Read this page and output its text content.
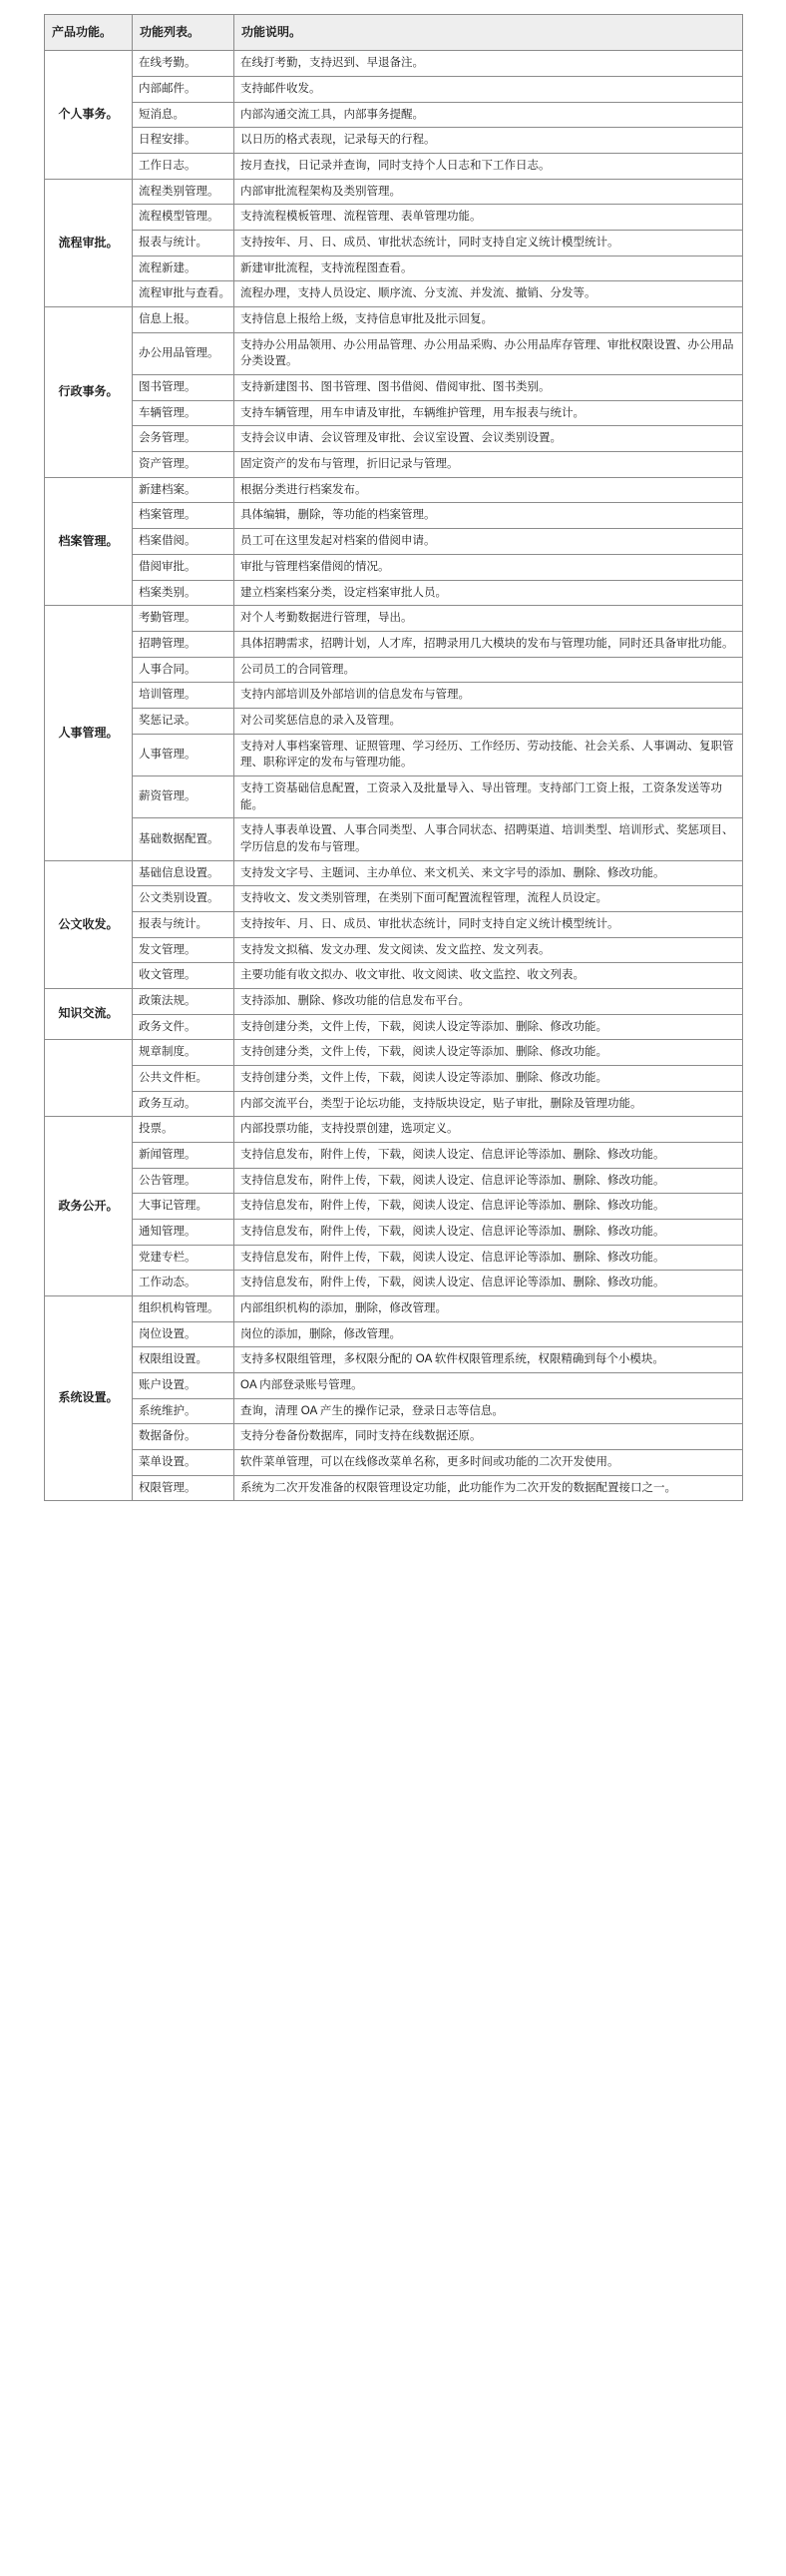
产品功能。	功能列表。	功能说明。
个人事务。	在线考勤。	在线打考勤，支持迟到、早退备注。
	内部邮件。	支持邮件收发。
	短消息。	内部沟通交流工具，内部事务提醒。
	日程安排。	以日历的格式表现，记录每天的行程。
	工作日志。	按月查找，日记录并查询，同时支持个人日志和下工作日志。
流程审批。	流程类别管理。	内部审批流程架构及类别管理。
	流程模型管理。	支持流程模板管理、流程管理、表单管理功能。
	报表与统计。	支持按年、月、日、成员、审批状态统计，同时支持自定义统计模型统计。
	流程新建。	新建审批流程，支持流程图查看。
	流程审批与查看。	流程办理，支持人员设定、顺序流、分支流、并发流、撤销、分发等。
行政事务。	信息上报。	支持信息上报给上级，支持信息审批及批示回复。
	办公用品管理。	支持办公用品领用、办公用品管理、办公用品采购、办公用品库存管理、审批权限设置、办公用品分类设置。
	图书管理。	支持新建图书、图书管理、图书借阅、借阅审批、图书类别。
	车辆管理。	支持车辆管理，用车申请及审批，车辆维护管理，用车报表与统计。
	会务管理。	支持会议申请、会议管理及审批、会议室设置、会议类别设置。
	资产管理。	固定资产的发布与管理，折旧记录与管理。
档案管理。	新建档案。	根据分类进行档案发布。
	档案管理。	具体编辑，删除，等功能的档案管理。
	档案借阅。	员工可在这里发起对档案的借阅申请。
	借阅审批。	审批与管理档案借阅的情况。
	档案类别。	建立档案档案分类，设定档案审批人员。
人事管理。	考勤管理。	对个人考勤数据进行管理，导出。
	招聘管理。	具体招聘需求，招聘计划，人才库，招聘录用几大模块的发布与管理功能，同时还具备审批功能。
	人事合同。	公司员工的合同管理。
	培训管理。	支持内部培训及外部培训的信息发布与管理。
	奖惩记录。	对公司奖惩信息的录入及管理。
	人事管理。	支持对人事档案管理、证照管理、学习经历、工作经历、劳动技能、社会关系、人事调动、复职管理、职称评定的发布与管理功能。
	薪资管理。	支持工资基础信息配置，工资录入及批量导入、导出管理。支持部门工资上报，工资条发送等功能。
	基础数据配置。	支持人事表单设置、人事合同类型、人事合同状态、招聘渠道、培训类型、培训形式、奖惩项目、学历信息的发布与管理。
公文收发。	基础信息设置。	支持发文字号、主题词、主办单位、来文机关、来文字号的添加、删除、修改功能。
	公文类别设置。	支持收文、发文类别管理，在类别下面可配置流程管理，流程人员设定。
	报表与统计。	支持按年、月、日、成员、审批状态统计，同时支持自定义统计模型统计。
	发文管理。	支持发文拟稿、发文办理、发文阅读、发文监控、发文列表。
	收文管理。	主要功能有收文拟办、收文审批、收文阅读、收文监控、收文列表。
知识交流。	政策法规。	支持添加、删除、修改功能的信息发布平台。
	政务文件。	支持创建分类，文件上传，下载，阅读人设定等添加、删除、修改功能。
	规章制度。	支持创建分类，文件上传，下载，阅读人设定等添加、删除、修改功能。
	公共文件柜。	支持创建分类，文件上传，下载，阅读人设定等添加、删除、修改功能。
	政务互动。	内部交流平台，类型于论坛功能，支持版块设定，贴子审批，删除及管理功能。
政务公开。	投票。	内部投票功能，支持投票创建，选项定义。
	新闻管理。	支持信息发布，附件上传，下载，阅读人设定、信息评论等添加、删除、修改功能。
	公告管理。	支持信息发布，附件上传，下载，阅读人设定、信息评论等添加、删除、修改功能。
	大事记管理。	支持信息发布，附件上传，下载，阅读人设定、信息评论等添加、删除、修改功能。
	通知管理。	支持信息发布，附件上传，下载，阅读人设定、信息评论等添加、删除、修改功能。
	党建专栏。	支持信息发布，附件上传，下载，阅读人设定、信息评论等添加、删除、修改功能。
	工作动态。	支持信息发布，附件上传，下载，阅读人设定、信息评论等添加、删除、修改功能。
系统设置。	组织机构管理。	内部组织机构的添加，删除，修改管理。
	岗位设置。	岗位的添加，删除，修改管理。
	权限组设置。	支持多权限组管理，多权限分配的 OA 软件权限管理系统，权限精确到每个小模块。
	账户设置。	OA 内部登录账号管理。
	系统维护。	查询，清理 OA 产生的操作记录，登录日志等信息。
	数据备份。	支持分卷备份数据库，同时支持在线数据还原。
	菜单设置。	软件菜单管理，可以在线修改菜单名称，更多时间或功能的二次开发使用。
	权限管理。	系统为二次开发准备的权限管理设定功能，此功能作为二次开发的数据配置接口之一。
